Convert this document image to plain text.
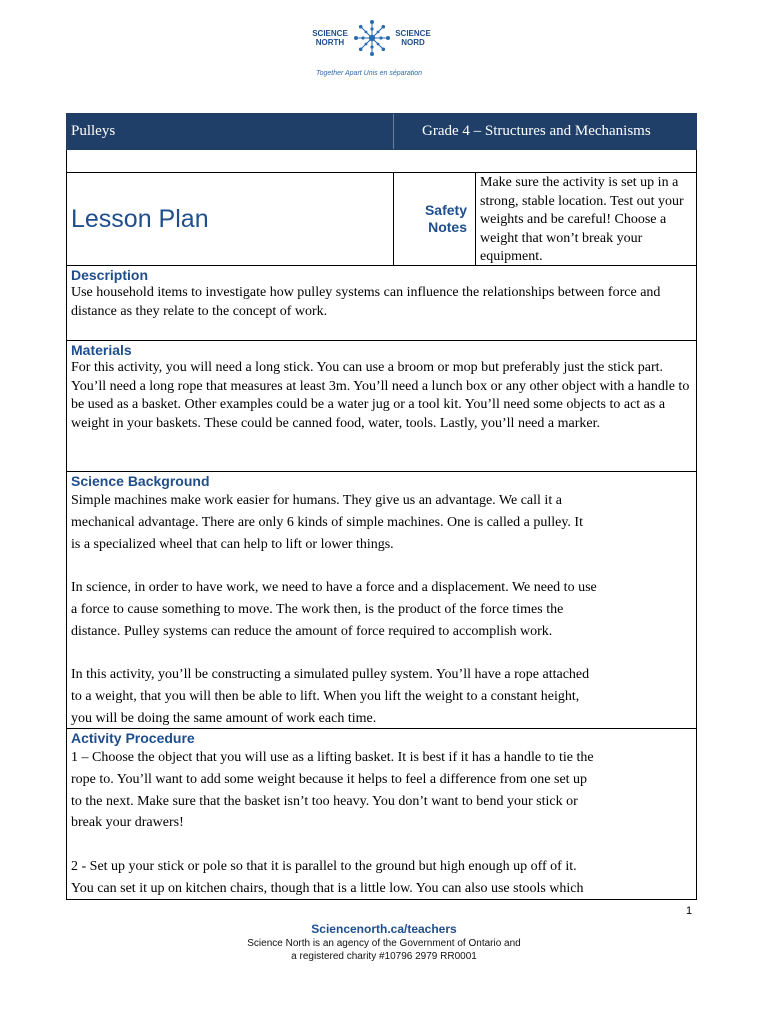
SCIENCE
NORTH
SCIENCE
NORD
Together Apart Unis en séparation
Pulleys	Grade 4 – Structures and Mechanisms
Lesson Plan	Safety
Notes
Make sure the activity is set up in a strong, stable location. Test out your weights and be careful! Choose a weight that won’t break your equipment.
Description
Use household items to investigate how pulley systems can influence the relationships between force and distance as they relate to the concept of work.
Materials
For this activity, you will need a long stick. You can use a broom or mop but preferably just the stick part. You’ll need a long rope that measures at least 3m. You’ll need a lunch box or any other object with a handle to be used as a basket. Other examples could be a water jug or a tool kit. You’ll need some objects to act as a weight in your baskets. These could be canned food, water, tools. Lastly, you’ll need a marker.
Science Background

Simple machines make work easier for humans. They give us an advantage. We call it a

mechanical advantage. There are only 6 kinds of simple machines. One is called a pulley. It

is a specialized wheel that can help to lift or lower things.

In science, in order to have work, we need to have a force and a displacement. We need to use

a force to cause something to move. The work then, is the product of the force times the

distance. Pulley systems can reduce the amount of force required to accomplish work.

In this activity, you’ll be constructing a simulated pulley system. You’ll have a rope attached

to a weight, that you will then be able to lift. When you lift the weight to a constant height,

you will be doing the same amount of work each time.

Activity Procedure

1 – Choose the object that you will use as a lifting basket. It is best if it has a handle to tie the

rope to. You’ll want to add some weight because it helps to feel a difference from one set up

to the next. Make sure that the basket isn’t too heavy. You don’t want to bend your stick or

break your drawers!

2 - Set up your stick or pole so that it is parallel to the ground but high enough up off of it.

You can set it up on kitchen chairs, though that is a little low. You can also use stools which

1
Sciencenorth.ca/teachers
Science North is an agency of the Government of Ontario and
a registered charity #10796 2979 RR0001
